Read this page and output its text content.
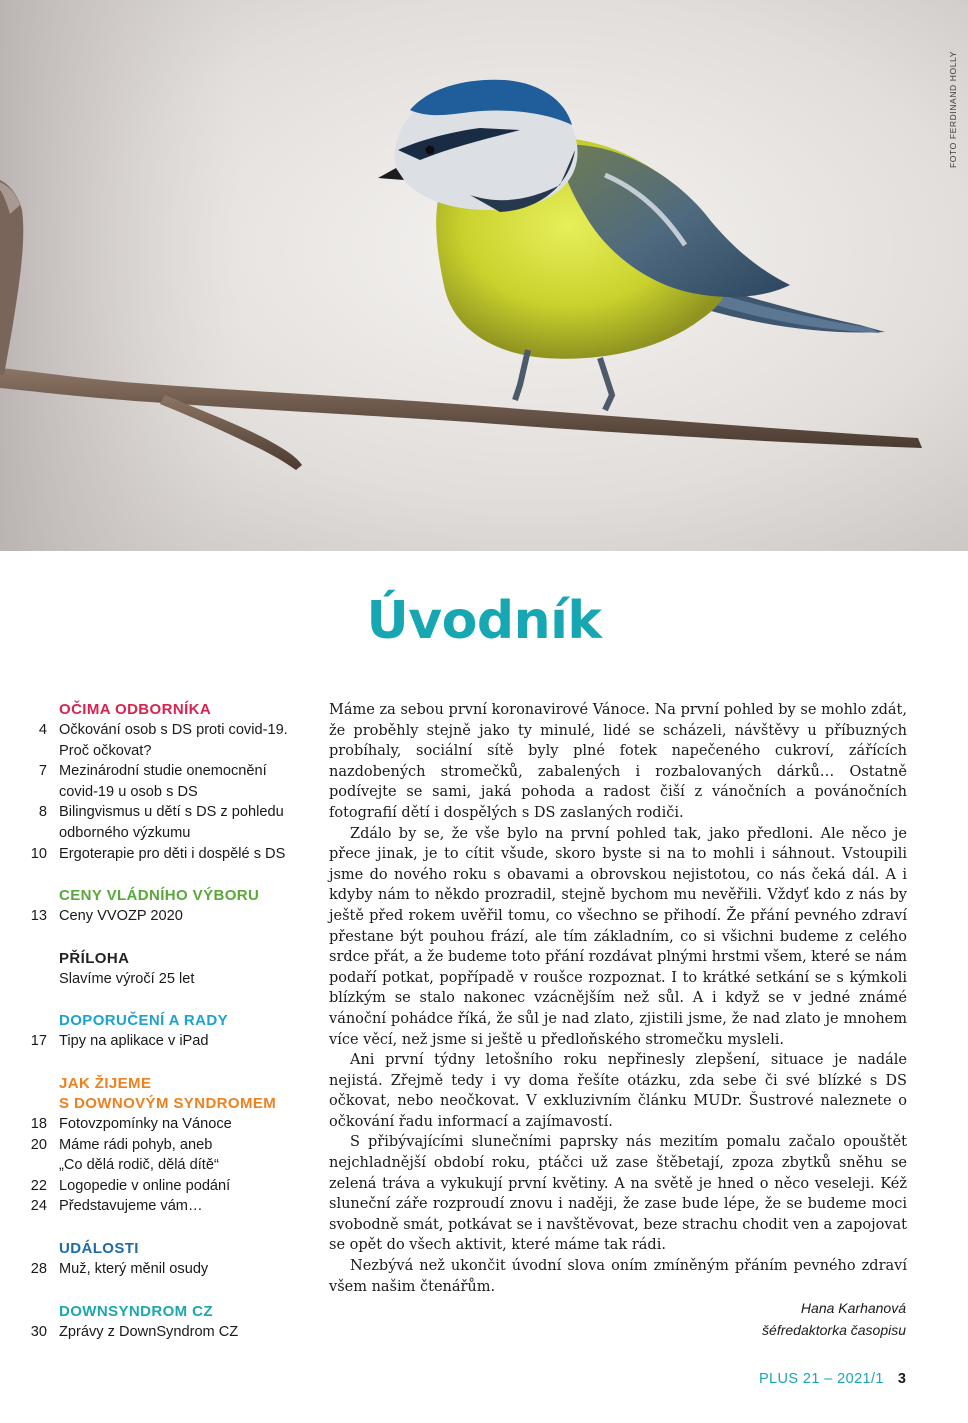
FOTO FERDINAND HOLLY
Úvodník
OČIMA ODBORNÍKA
4 Očkování osob s DS proti covid-19.
Proč očkovat?
7 Mezinárodní studie onemocnění
covid-19 u osob s DS
8 Bilingvismus u dětí s DS z pohledu
odborného výzkumu
10 Ergoterapie pro děti i dospělé s DS
CENY VLÁDNÍHO VÝBORU
13 Ceny VVOZP 2020
PŘÍLOHA
Slavíme výročí 25 let
DOPORUČENÍ A RADY
17 Tipy na aplikace v iPad
JAK ŽIJEME
S DOWNOVÝM SYNDROMEM
18 Fotovzpomínky na Vánoce
20 Máme rádi pohyb, aneb
„Co dělá rodič, dělá dítě“
22 Logopedie v online podání
24 Představujeme vám…
UDÁLOSTI
28 Muž, který měnil osudy
DOWNSYNDROM CZ
30 Zprávy z DownSyndrom CZ

Máme za sebou první koronavirové Vánoce. Na první pohled by se mohlo zdát, že proběhly stejně jako ty minulé, lidé se scházeli, návštěvy u příbuzných probíhaly, sociální sítě byly plné fotek napečeného cukroví, zářících nazdobených stromečků, zabalených i rozbalovaných dárků… Ostatně podívejte se sami, jaká pohoda a radost čiší z vánočních a povánočních fotografií dětí i dospělých s DS zaslaných rodiči.

Zdálo by se, že vše bylo na první pohled tak, jako předloni. Ale něco je přece jinak, je to cítit všude, skoro byste si na to mohli i sáhnout. Vstoupili jsme do nového roku s obavami a obrovskou nejistotou, co nás čeká dál. A i kdyby nám to někdo prozradil, stejně bychom mu nevěřili. Vždyť kdo z nás by ještě před rokem uvěřil tomu, co všechno se přihodí. Že přání pevného zdraví přestane být pouhou frází, ale tím základním, co si všichni budeme z celého srdce přát, a že budeme toto přání rozdávat plnými hrstmi všem, které se nám podaří potkat, popřípadě v roušce rozpoznat. I to krátké setkání se s kýmkoli blízkým se stalo nakonec vzácnějším než sůl. A i když se v jedné známé vánoční pohádce říká, že sůl je nad zlato, zjistili jsme, že nad zlato je mnohem více věcí, než jsme si ještě u předloňského stromečku mysleli.

Ani první týdny letošního roku nepřinesly zlepšení, situace je nadále nejistá. Zřejmě tedy i vy doma řešíte otázku, zda sebe či své blízké s DS očkovat, nebo neočkovat. V exkluzivním článku MUDr. Šustrové naleznete o očkování řadu informací a zajímavostí.

S přibývajícími slunečními paprsky nás mezitím pomalu začalo opouštět nejchladnější období roku, ptáčci už zase štěbetají, zpoza zbytků sněhu se zelená tráva a vykukují první květiny. A na světě je hned o něco veseleji. Kéž sluneční záře rozproudí znovu i naději, že zase bude lépe, že se budeme moci svobodně smát, potkávat se i navštěvovat, beze strachu chodit ven a zapojovat se opět do všech aktivit, které máme tak rádi.

Nezbývá než ukončit úvodní slova oním zmíněným přáním pevného zdraví všem našim čtenářům.

Hana Karhanová
šéfredaktorka časopisu
PLUS 21 – 2021/1 3
